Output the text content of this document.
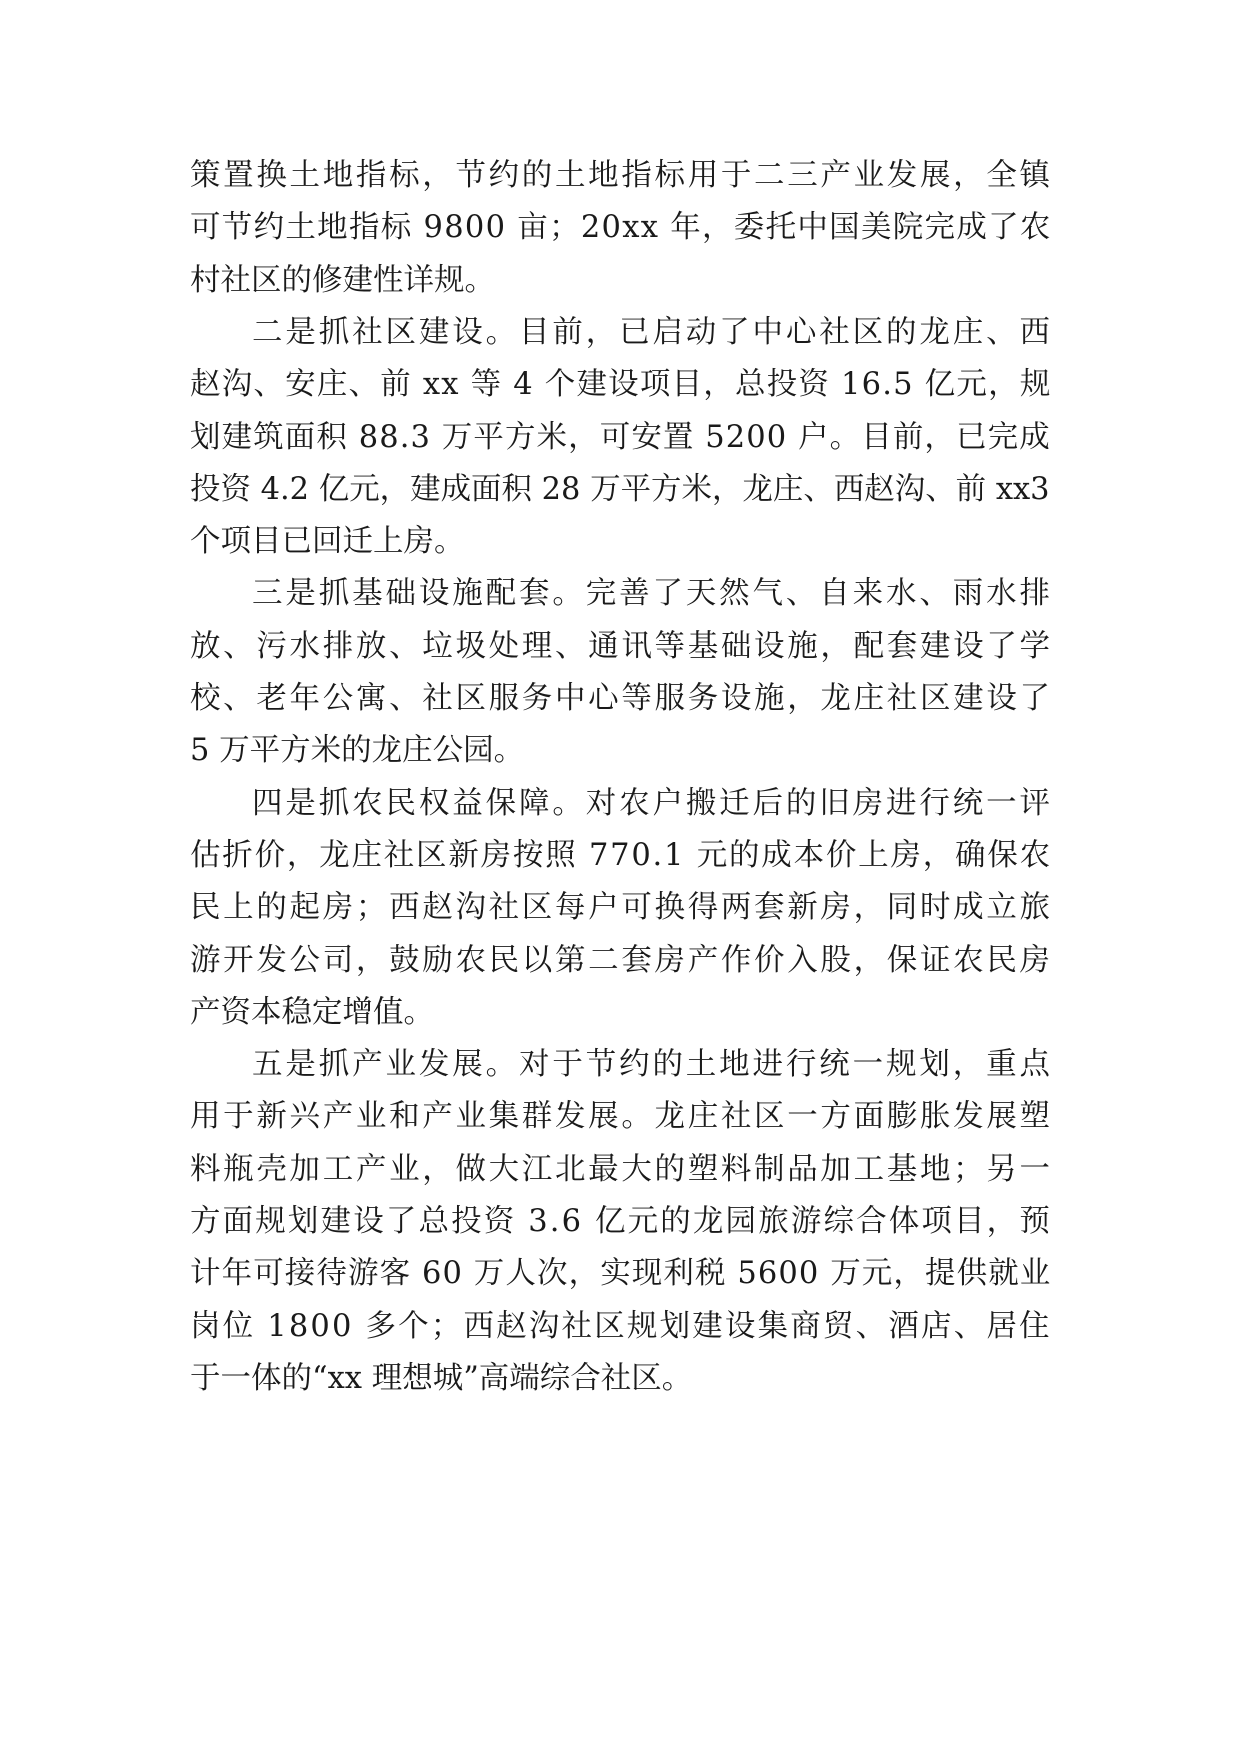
策置换土地指标，节约的土地指标用于二三产业发展，全镇
可节约土地指标 9800 亩；20xx 年，委托中国美院完成了农
村社区的修建性详规。
二是抓社区建设。目前，已启动了中心社区的龙庄、西
赵沟、安庄、前 xx 等 4 个建设项目，总投资 16.5 亿元，规
划建筑面积 88.3 万平方米，可安置 5200 户。目前，已完成
投资 4.2 亿元，建成面积 28 万平方米，龙庄、西赵沟、前 xx3
个项目已回迁上房。
三是抓基础设施配套。完善了天然气、自来水、雨水排
放、污水排放、垃圾处理、通讯等基础设施，配套建设了学
校、老年公寓、社区服务中心等服务设施，龙庄社区建设了
5 万平方米的龙庄公园。
四是抓农民权益保障。对农户搬迁后的旧房进行统一评
估折价，龙庄社区新房按照 770.1 元的成本价上房，确保农
民上的起房；西赵沟社区每户可换得两套新房，同时成立旅
游开发公司，鼓励农民以第二套房产作价入股，保证农民房
产资本稳定增值。
五是抓产业发展。对于节约的土地进行统一规划，重点
用于新兴产业和产业集群发展。龙庄社区一方面膨胀发展塑
料瓶壳加工产业，做大江北最大的塑料制品加工基地；另一
方面规划建设了总投资 3.6 亿元的龙园旅游综合体项目，预
计年可接待游客 60 万人次，实现利税 5600 万元，提供就业
岗位 1800 多个；西赵沟社区规划建设集商贸、酒店、居住
于一体的“xx 理想城”高端综合社区。
